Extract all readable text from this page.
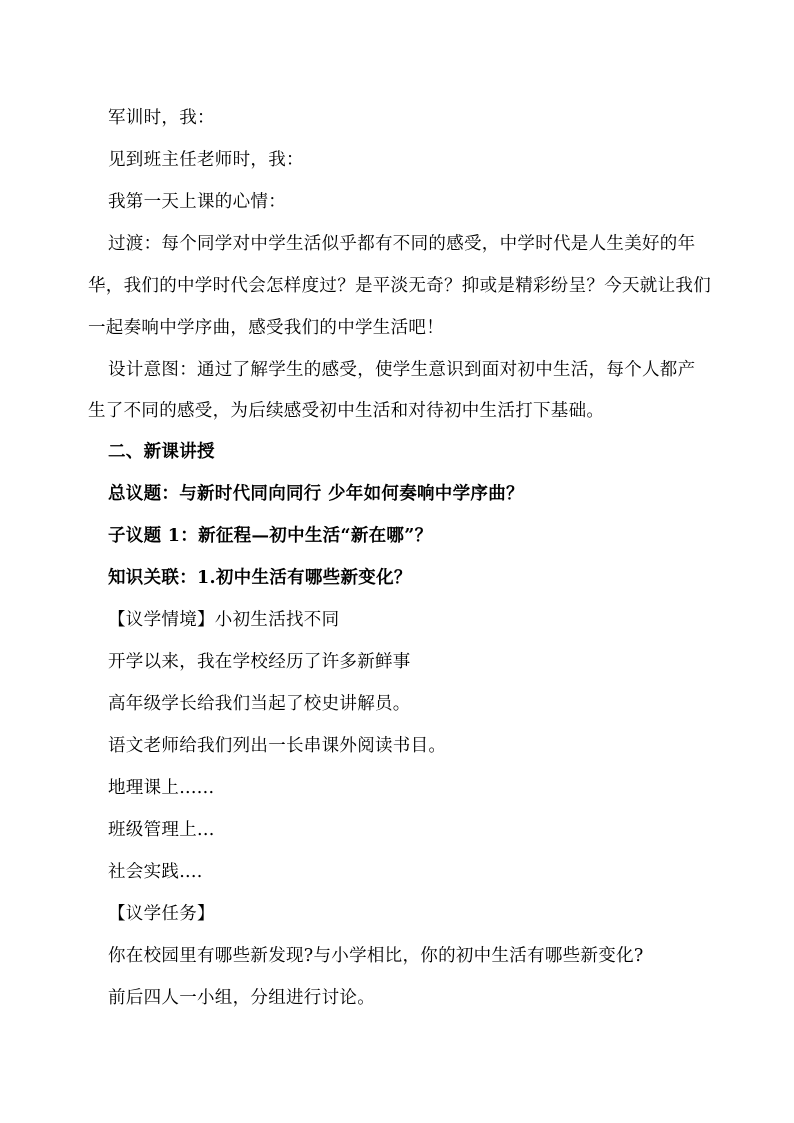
军训时，我：

见到班主任老师时，我：

我第一天上课的心情：

过渡：每个同学对中学生活似乎都有不同的感受，中学时代是人生美好的年

华，我们的中学时代会怎样度过？是平淡无奇？抑或是精彩纷呈？今天就让我们

一起奏响中学序曲，感受我们的中学生活吧！

设计意图：通过了解学生的感受，使学生意识到面对初中生活，每个人都产

生了不同的感受，为后续感受初中生活和对待初中生活打下基础。

二、新课讲授

总议题：与新时代同向同行 少年如何奏响中学序曲？

子议题 1：新征程—初中生活“新在哪”？

知识关联：1.初中生活有哪些新变化？

【议学情境】小初生活找不同

开学以来，我在学校经历了许多新鲜事

高年级学长给我们当起了校史讲解员。

语文老师给我们列出一长串课外阅读书目。

地理课上......

班级管理上...

社会实践....

【议学任务】

你在校园里有哪些新发现?与小学相比，你的初中生活有哪些新变化?

前后四人一小组，分组进行讨论。
